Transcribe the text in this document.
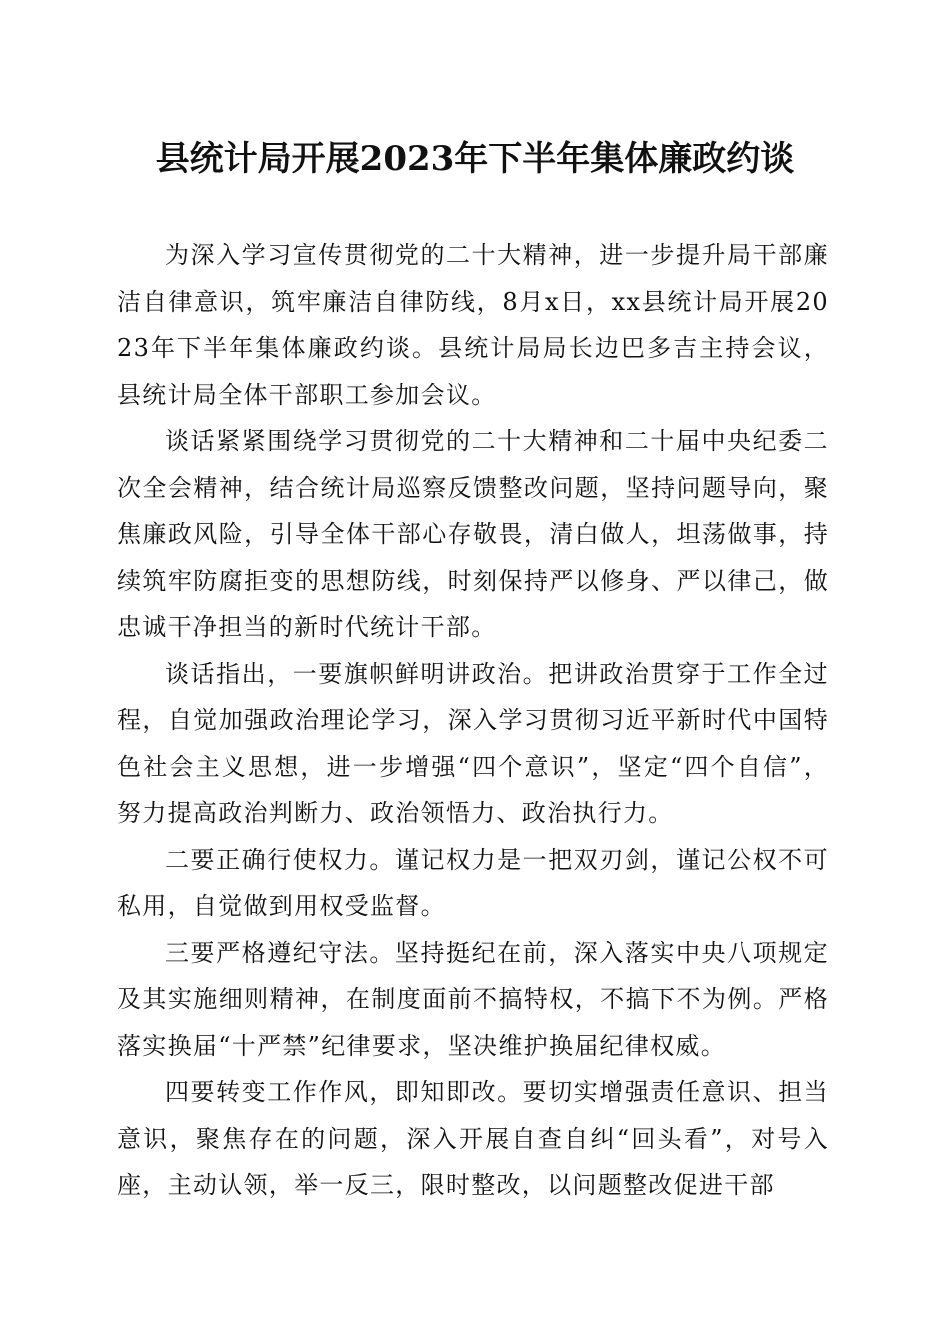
县统计局开展2023年下半年集体廉政约谈

为深入学习宣传贯彻党的二十大精神，进一步提升局干部廉洁自律意识，筑牢廉洁自律防线，8月x日，xx县统计局开展2023年下半年集体廉政约谈。县统计局局长边巴多吉主持会议，县统计局全体干部职工参加会议。

谈话紧紧围绕学习贯彻党的二十大精神和二十届中央纪委二次全会精神，结合统计局巡察反馈整改问题，坚持问题导向，聚焦廉政风险，引导全体干部心存敬畏，清白做人，坦荡做事，持续筑牢防腐拒变的思想防线，时刻保持严以修身、严以律己，做忠诚干净担当的新时代统计干部。

谈话指出，一要旗帜鲜明讲政治。把讲政治贯穿于工作全过程，自觉加强政治理论学习，深入学习贯彻习近平新时代中国特色社会主义思想，进一步增强“四个意识”，坚定“四个自信”，努力提高政治判断力、政治领悟力、政治执行力。

二要正确行使权力。谨记权力是一把双刃剑，谨记公权不可私用，自觉做到用权受监督。

三要严格遵纪守法。坚持挺纪在前，深入落实中央八项规定及其实施细则精神，在制度面前不搞特权，不搞下不为例。严格落实换届“十严禁”纪律要求，坚决维护换届纪律权威。

四要转变工作作风，即知即改。要切实增强责任意识、担当意识，聚焦存在的问题，深入开展自查自纠“回头看”，对号入座，主动认领，举一反三，限时整改，以问题整改促进干部
